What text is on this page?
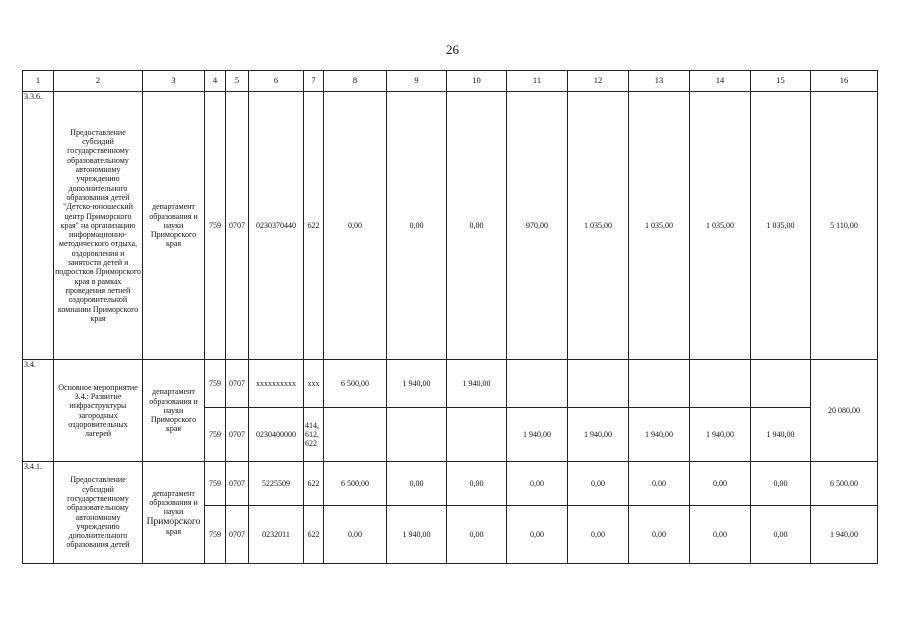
26
1	2	3	4	5	6	7	8	9	10	11	12	13	14	15	16
3.3.6.	Предоставление субсидий государственному образовательному автономному учреждению дополнительного образования детей "Детско-юношеский центр Приморского края" на организацию информационно-методического отдыха, оздоровления и занятости детей и подростков Приморского края в рамках проведения летней оздоровительной компании Приморского края	департамент образования и науки Приморского края	759	0707	0230370440	622	0,00	0,00	0,00	970,00	1 035,00	1 035,00	1 035,00	1 035,00	5 110,00
3.4.	Основное мероприятие 3.4.: Развитие инфраструктуры загородных оздоровительных лагерей	департамент образования и науки Приморского края	759	0707	xxxxxxxxxx	xxx	6 500,00	1 940,00	1 940,00						20 080,00
			759	0707	0230400000	414, 612, 622				1 940,00	1 940,00	1 940,00	1 940,00	1 940,00	
3.4.1.	Предоставление субсидий государственному образовательному автономному учреждению дополнительного образования детей	департамент образования и науки
Приморского
края	759	0707	5225509	622	6 500,00	0,00	0,00	0,00	0,00	0,00	0,00	0,00	6 500,00
			759	0707	0232011	622	0,00	1 940,00	0,00	0,00	0,00	0,00	0,00	0,00	1 940,00
